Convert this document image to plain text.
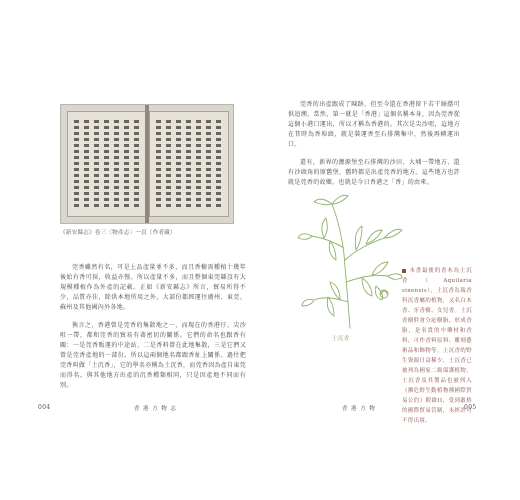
《新安縣志》卷三〈物產志〉一頁（作者藏）

莞香雖然有名，可是上品產量並不多，而且香樹需種植十幾年後始有香可採，收益亦慢。所以產量不多，而且整個東莞縣沒有大規模種植作為外產的記載。正如《新安縣志》所言，貿易所得不少，品質亦佳，除供本地所用之外，大部份都經運往廣州、東莞、蘇州及其他國內外各地。

換言之，香港曾是莞香的集散地之一，而現在的香港仔、尖沙咀一帶，都和莞香的貿易有著密切的關係。它們的命名也跟香有關：一是莞香販運的中途站，二是香料曾在此地集散，三是它們又曾是莞香產地的一部份。所以這兩個地名都跟香扯上關係。過往把莞香叫做「土沉香」，它的學名亦稱為土沉香，而莞香因為產自東莞而得名，與其他地方出產的沉香種類相同，只是因產地不同而有別。

004	香 港 方 物 志

莞香的出產跟成了陳跡，但至今還在香港留下若干綠蔭可供追溯，當然，第一就是「香港」這個名稱本身，因為莞香從這個小港口運出，所以才稱為香港的。其次是尖沙咀，這地方在昔時為香埠頭，就是裝運香至石排灣集中，然後再轉運出口。

還有，新界的瀝源堡至石排灣的沙田、大埔一帶地方，還有沙頭角的原舊堡，舊時都是出產莞香的地方。這些地方也許就是莞香的故鄉，也就是今日香港之「香」的由來。

土沉香
本書最後的香木為土沉香（Aquilaria sinensis），土沉香為瑞香科沉香屬的植物，又名白木香、牙香樹、女兒香。土沉香樹幹會分泌樹脂，形成香脂，是名貴的中藥材和香料，可作香料原料、雕刻藝術品和飾物等。土沉香的野生資源日益稀少，土沉香已被列為國家二級保護植物。土沉香及其製品也被列入《瀕危野生動植物種國際貿易公約》附錄II，受到嚴格的國際貿易管制，未經許可不得出境。
香 港 方 物	005
